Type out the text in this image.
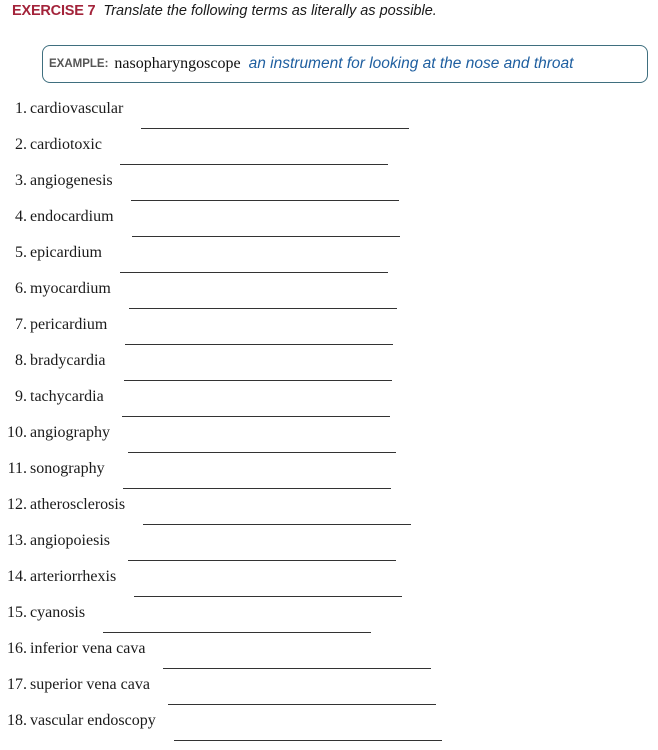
EXERCISE 7 Translate the following terms as literally as possible.
EXAMPLE: nasopharyngoscope an instrument for looking at the nose and throat
1. cardiovascular
2. cardiotoxic
3. angiogenesis
4. endocardium
5. epicardium
6. myocardium
7. pericardium
8. bradycardia
9. tachycardia
10. angiography
11. sonography
12. atherosclerosis
13. angiopoiesis
14. arteriorrhexis
15. cyanosis
16. inferior vena cava
17. superior vena cava
18. vascular endoscopy
